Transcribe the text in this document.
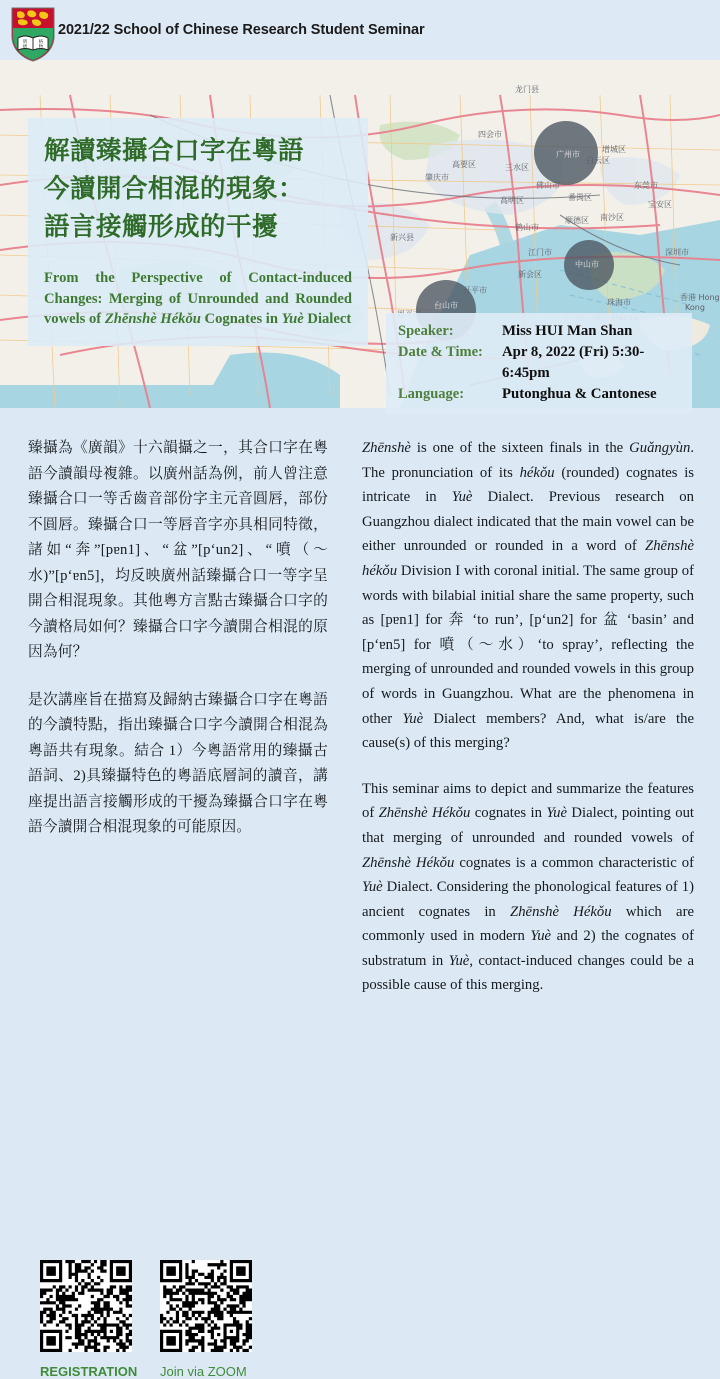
明
德
格
物
2021/22 School of Chinese Research Student Seminar
肇庆市
四会市
高要区	三水区
佛山市
广州市
白云区
增城区
东莞市
番禺区
顺德区 南沙区
高明区
鹤山市
江门市
新会区
开平市
台山市
中山市
珠海市
深圳市
香港 Hong
Kong
新兴县
宝安区
龙门县
解讀臻攝合口字在粵語
今讀開合相混的現象：
語言接觸形成的干擾
From the Perspective of Contact-induced Changes: Merging of Unrounded and Rounded vowels of Zhēnshè Hékǒu Cognates in Yuè Dialect
Speaker:	Miss HUI Man Shan
Date & Time:	Apr 8, 2022 (Fri) 5:30-6:45pm
Language:	Putonghua & Cantonese

臻攝為《廣韻》十六韻攝之一，其合口字在粵語今讀韻母複雜。以廣州話為例，前人曾注意臻攝合口一等舌齒音部份字主元音圓唇，部份不圓唇。臻攝合口一等唇音字亦具相同特徵，諸如“奔”[pɐn1]、“盆”[pʻun2]、“噴（～水)”[pʻɐn5]，均反映廣州話臻攝合口一等字呈開合相混現象。其他粵方言點古臻攝合口字的今讀格局如何？臻攝合口字今讀開合相混的原因為何？

是次講座旨在描寫及歸納古臻攝合口字在粵語的今讀特點，指出臻攝合口字今讀開合相混為粵語共有現象。結合 1）今粵語常用的臻攝古語詞、2)具臻攝特色的粵語底層詞的讀音，講座提出語言接觸形成的干擾為臻攝合口字在粵語今讀開合相混現象的可能原因。

Zhēnshè is one of the sixteen finals in the Guǎngyùn. The pronunciation of its hékǒu (rounded) cognates is intricate in Yuè Dialect. Previous research on Guangzhou dialect indicated that the main vowel can be either unrounded or rounded in a word of Zhēnshè hékǒu Division I with coronal initial. The same group of words with bilabial initial share the same property, such as [pɐn1] for 奔 ‘to run’, [pʻun2] for 盆 ‘basin’ and [pʻɐn5] for 噴（～水）‘to spray’, reflecting the merging of unrounded and rounded vowels in this group of words in Guangzhou. What are the phenomena in other Yuè Dialect members? And, what is/are the cause(s) of this merging?

This seminar aims to depict and summarize the features of Zhēnshè Hékǒu cognates in Yuè Dialect, pointing out that merging of unrounded and rounded vowels of Zhēnshè Hékǒu cognates is a common characteristic of Yuè Dialect. Considering the phonological features of 1) ancient cognates in Zhēnshè Hékǒu which are commonly used in modern Yuè and 2) the cognates of substratum in Yuè, contact-induced changes could be a possible cause of this merging.

REGISTRATION Join via ZOOM
